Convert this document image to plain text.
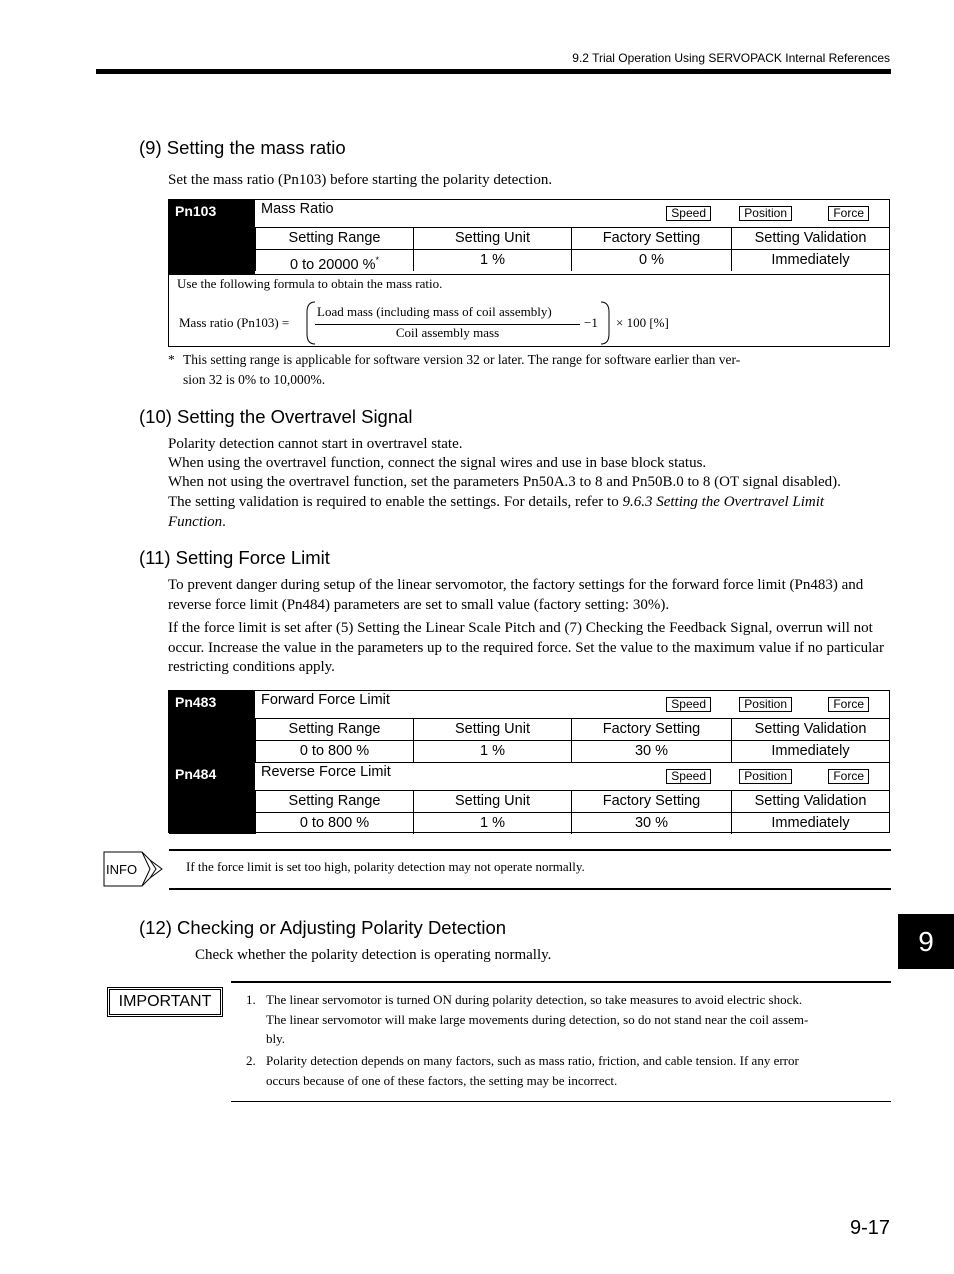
9.2 Trial Operation Using SERVOPACK Internal References
(9) Setting the mass ratio

Set the mass ratio (Pn103) before starting the polarity detection.

Pn103	Mass Ratio	Speed	Position	Force
Setting Range	Setting Unit	Factory Setting	Setting Validation
0 to 20000 %*	1 %	0 %	Immediately
Use the following formula to obtain the mass ratio.
Mass ratio (Pn103) =
Load mass (including mass of coil assembly)
Coil assembly mass
−1 × 100 [%]
* This setting range is applicable for software version 32 or later. The range for software earlier than ver-
sion 32 is 0% to 10,000%.
(10) Setting the Overtravel Signal

Polarity detection cannot start in overtravel state.

When using the overtravel function, connect the signal wires and use in base block status.

When not using the overtravel function, set the parameters Pn50A.3 to 8 and Pn50B.0 to 8 (OT signal disabled).

The setting validation is required to enable the settings. For details, refer to 9.6.3 Setting the Overtravel Limit Function.

(11) Setting Force Limit

To prevent danger during setup of the linear servomotor, the factory settings for the forward force limit (Pn483) and reverse force limit (Pn484) parameters are set to small value (factory setting: 30%).

If the force limit is set after (5) Setting the Linear Scale Pitch and (7) Checking the Feedback Signal, overrun will not occur. Increase the value in the parameters up to the required force. Set the value to the maximum value if no particular restricting conditions apply.

Pn483	Forward Force Limit	Speed	Position	Force
Setting Range	Setting Unit	Factory Setting	Setting Validation
0 to 800 %	1 %	30 %	Immediately
Pn484	Reverse Force Limit	Speed	Position	Force
Setting Range	Setting Unit	Factory Setting	Setting Validation
0 to 800 %	1 %	30 %	Immediately
INFO	If the force limit is set too high, polarity detection may not operate normally.
(12) Checking or Adjusting Polarity Detection

Check whether the polarity detection is operating normally.	9
IMPORTANT	1. The linear servomotor is turned ON during polarity detection, so take measures to avoid electric shock.
The linear servomotor will make large movements during detection, so do not stand near the coil assem-
bly.
2. Polarity detection depends on many factors, such as mass ratio, friction, and cable tension. If any error
occurs because of one of these factors, the setting may be incorrect.
9-17
